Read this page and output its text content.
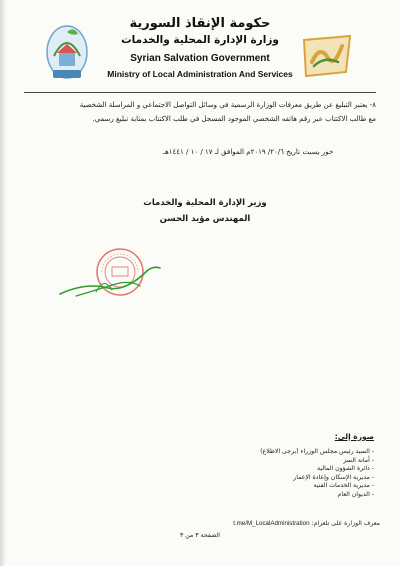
حكومة الإنقاذ السورية
وزارة الإدارة المحلية والخدمات
Syrian Salvation Government
Ministry of Local Administration And Services

٨- يعتبر التبليغ عن طريق معرفات الوزارة الرسمية في وسائل التواصل الاجتماعي و المراسلة الشخصية

مع طالب الاكتتاب عبر رقم هاتفه الشخصي الموجود المسجل في طلب الاكتتاب بمثابة تبليغ رسمي.

خور يسبت تاريخ ٢٠/٦/ ٢٠١٩م الموافق لـ ١٧ / ١٠ / ١٤٤١هـ
وزير الإدارة المحلية والخدمات
المهندس مؤيد الحسن
صورة إلى:
- السيد رئيس مجلس الوزراء (برجى الاطلاع)
- أمانة السر
- دائرة الشؤون المالية
- مديرية الإسكان وإعادة الإعمار
- مديرية الخدمات الفنية
- الديوان العام
معرف الوزارة على تلغرام: t.me/M_LocalAdministration
الصفحة ٣ من ٣
